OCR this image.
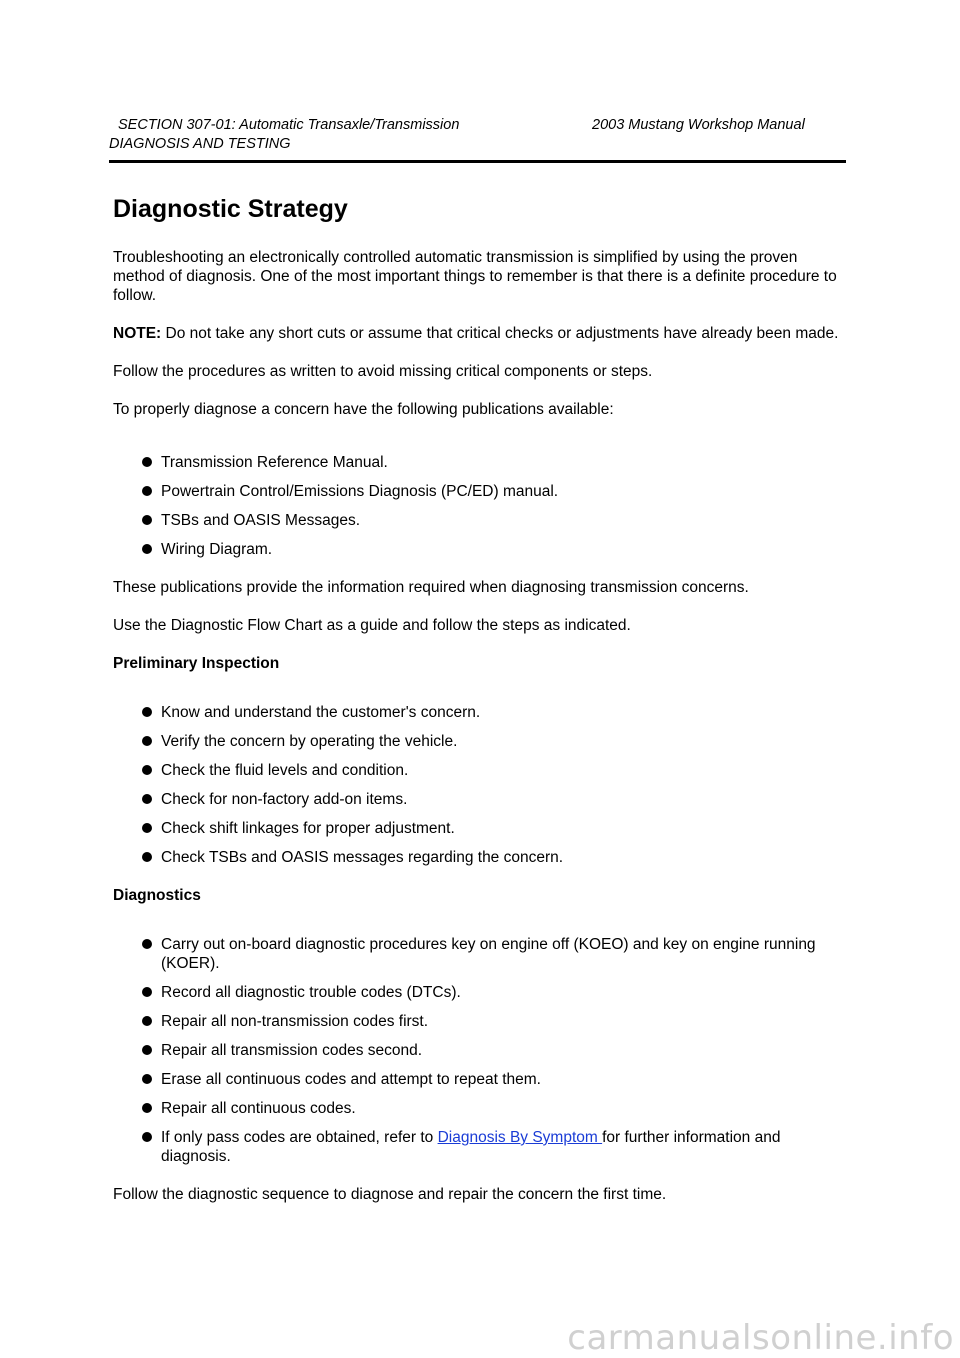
SECTION 307-01: Automatic Transaxle/Transmission	2003 Mustang Workshop Manual
DIAGNOSIS AND TESTING
Diagnostic Strategy

Troubleshooting an electronically controlled automatic transmission is simplified by using the proven method of diagnosis. One of the most important things to remember is that there is a definite procedure to follow.

NOTE: Do not take any short cuts or assume that critical checks or adjustments have already been made.

Follow the procedures as written to avoid missing critical components or steps.

To properly diagnose a concern have the following publications available:

Transmission Reference Manual.
Powertrain Control/Emissions Diagnosis (PC/ED) manual.
TSBs and OASIS Messages.
Wiring Diagram.

These publications provide the information required when diagnosing transmission concerns.

Use the Diagnostic Flow Chart as a guide and follow the steps as indicated.

Preliminary Inspection
Know and understand the customer's concern.
Verify the concern by operating the vehicle.
Check the fluid levels and condition.
Check for non-factory add-on items.
Check shift linkages for proper adjustment.
Check TSBs and OASIS messages regarding the concern.
Diagnostics
Carry out on-board diagnostic procedures key on engine off (KOEO) and key on engine running (KOER).
Record all diagnostic trouble codes (DTCs).
Repair all non-transmission codes first.
Repair all transmission codes second.
Erase all continuous codes and attempt to repeat them.
Repair all continuous codes.
If only pass codes are obtained, refer to Diagnosis By Symptom for further information and diagnosis.

Follow the diagnostic sequence to diagnose and repair the concern the first time.

carmanualsonline.info
